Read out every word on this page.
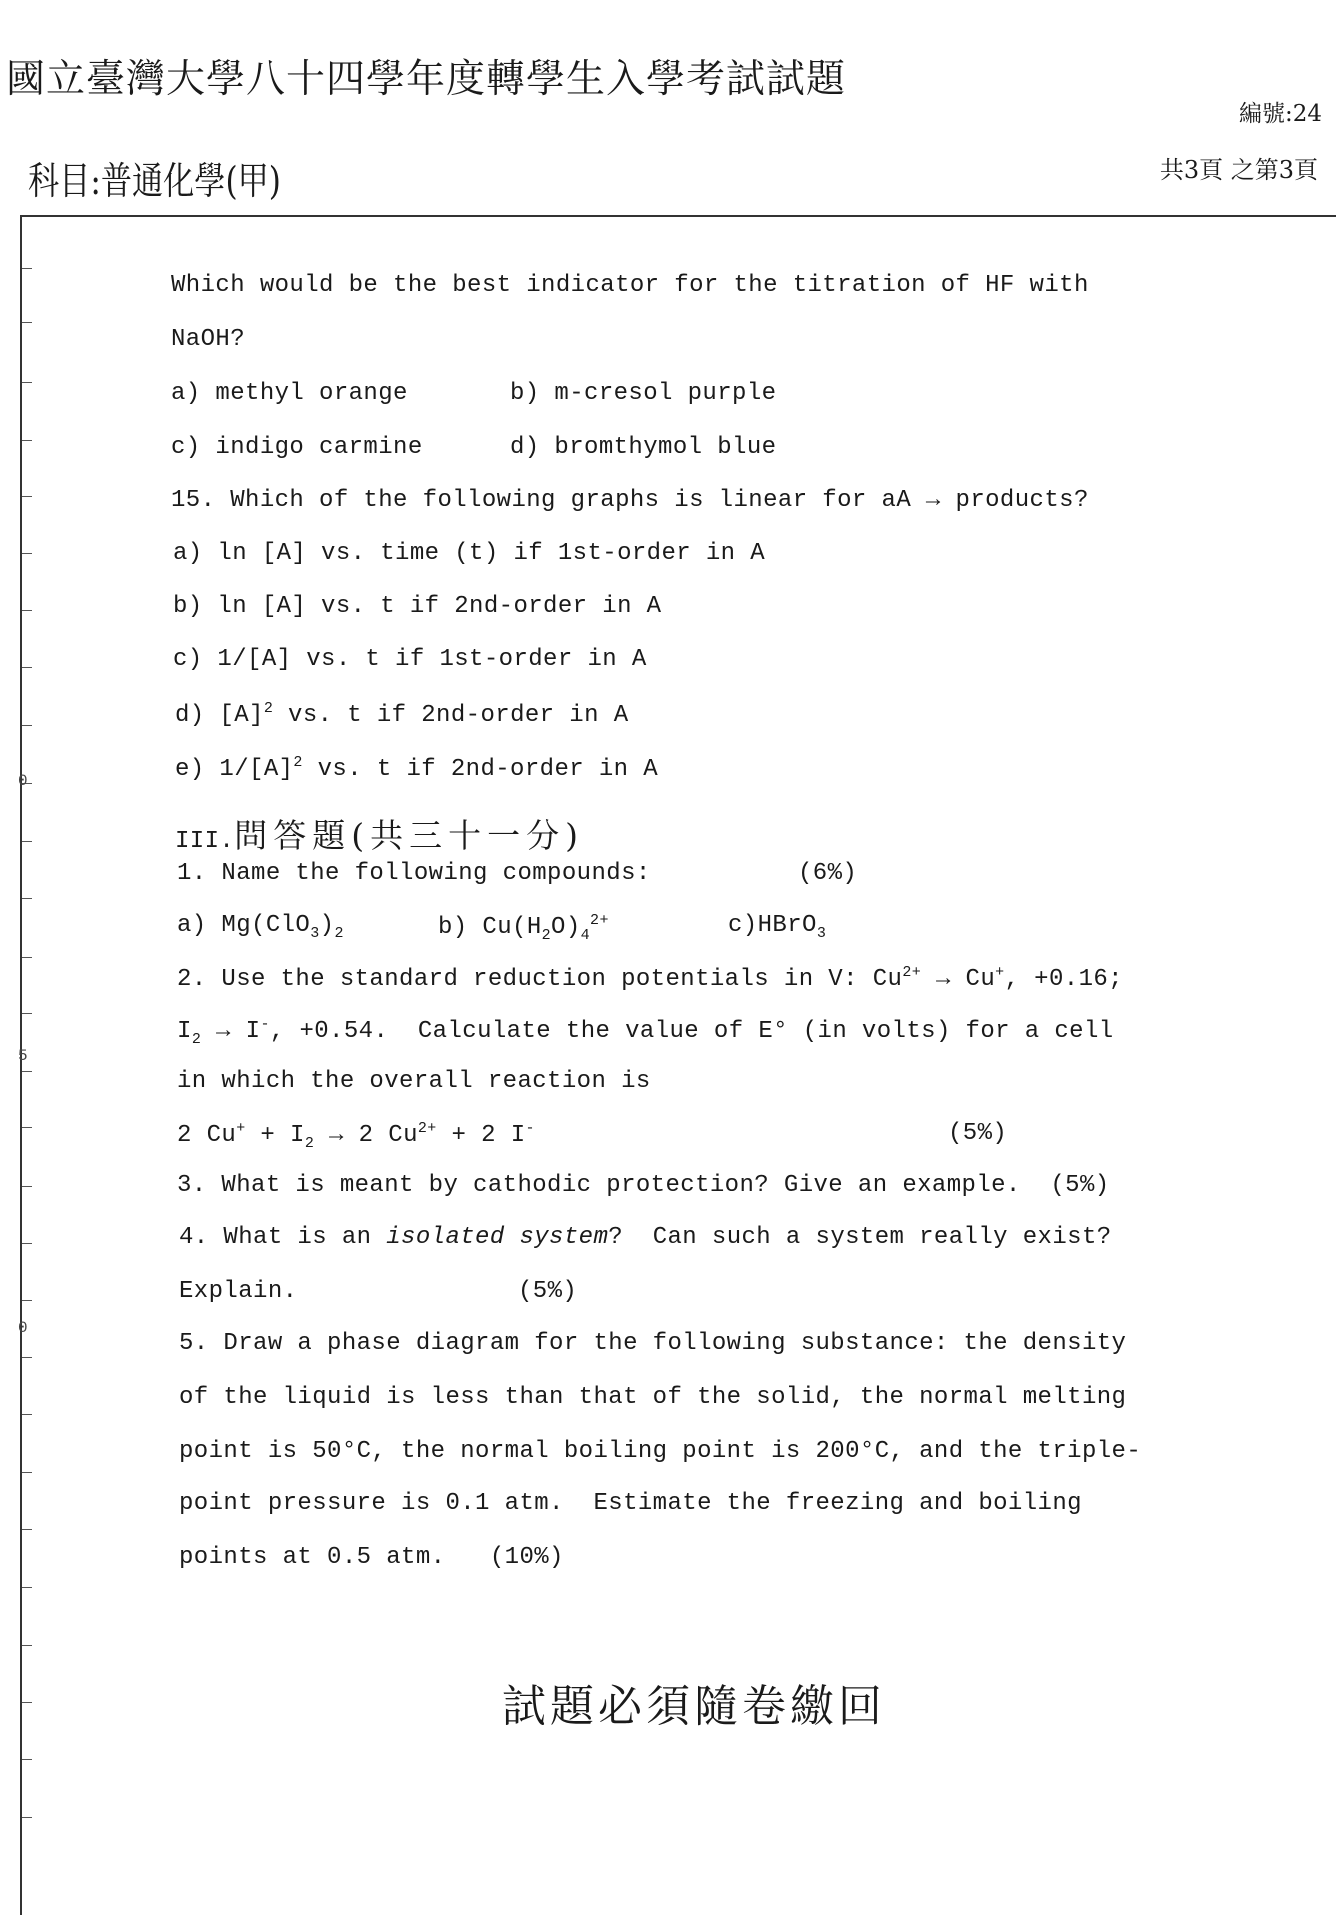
國立臺灣大學八十四學年度轉學生入學考試試題
編號:24
科目:普通化學(甲)	共3頁 之第3頁
0
5
0
Which would be the best indicator for the titration of HF with
NaOH?
a) methyl orange	b) m-cresol purple
c) indigo carmine	d) bromthymol blue
15. Which of the following graphs is linear for aA → products?
a) ln [A] vs. time (t) if 1st-order in A
b) ln [A] vs. t if 2nd-order in A
c) 1/[A] vs. t if 1st-order in A
d) $[A]^2$ vs. t if 2nd-order in A
e) $1/[A]^2$ vs. t if 2nd-order in A
III.問答題(共三十一分)
1. Name the following compounds:	(6%)
a) $Mg(ClO_3)_2$	b) $Cu(H_2O)_4^{2+}$	c)HBrO$_3$
2. Use the standard reduction potentials in V: $Cu^{2+} \to Cu^+$, +0.16;
$I_2 \to I^-$, +0.54.  Calculate the value of E° (in volts) for a cell
in which the overall reaction is
2 $Cu^+ + I_2 \to 2$ $Cu^{2+} + 2$ I-	(5%)
3. What is meant by cathodic protection? Give an example.  (5%)
4. What is an isolated system?  Can such a system really exist?
Explain.	(5%)
5. Draw a phase diagram for the following substance: the density
of the liquid is less than that of the solid, the normal melting
point is 50°C, the normal boiling point is 200°C, and the triple-
point pressure is 0.1 atm.  Estimate the freezing and boiling
points at 0.5 atm.   (10%)
試題必須隨卷繳回
